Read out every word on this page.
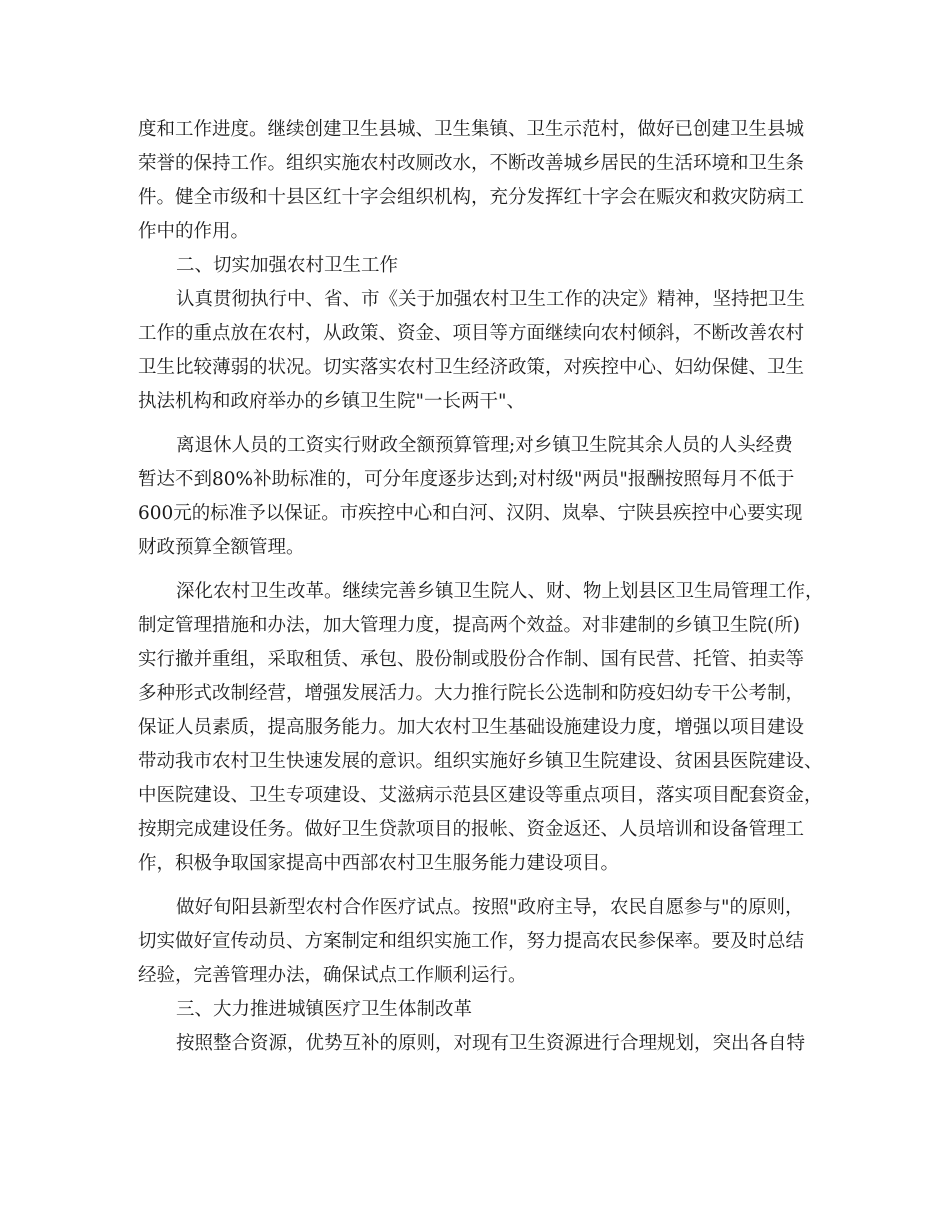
度和工作进度。继续创建卫生县城、卫生集镇、卫生示范村，做好已创建卫生县城
荣誉的保持工作。组织实施农村改厕改水，不断改善城乡居民的生活环境和卫生条
件。健全市级和十县区红十字会组织机构，充分发挥红十字会在赈灾和救灾防病工
作中的作用。
二、切实加强农村卫生工作
认真贯彻执行中、省、市《关于加强农村卫生工作的决定》精神，坚持把卫生
工作的重点放在农村，从政策、资金、项目等方面继续向农村倾斜，不断改善农村
卫生比较薄弱的状况。切实落实农村卫生经济政策，对疾控中心、妇幼保健、卫生
执法机构和政府举办的乡镇卫生院"一长两干"、
离退休人员的工资实行财政全额预算管理;对乡镇卫生院其余人员的人头经费
暂达不到80%补助标准的，可分年度逐步达到;对村级"两员"报酬按照每月不低于
600元的标准予以保证。市疾控中心和白河、汉阴、岚皋、宁陕县疾控中心要实现
财政预算全额管理。
深化农村卫生改革。继续完善乡镇卫生院人、财、物上划县区卫生局管理工作，
制定管理措施和办法，加大管理力度，提高两个效益。对非建制的乡镇卫生院(所)
实行撤并重组，采取租赁、承包、股份制或股份合作制、国有民营、托管、拍卖等
多种形式改制经营，增强发展活力。大力推行院长公选制和防疫妇幼专干公考制，
保证人员素质，提高服务能力。加大农村卫生基础设施建设力度，增强以项目建设
带动我市农村卫生快速发展的意识。组织实施好乡镇卫生院建设、贫困县医院建设、
中医院建设、卫生专项建设、艾滋病示范县区建设等重点项目，落实项目配套资金，
按期完成建设任务。做好卫生贷款项目的报帐、资金返还、人员培训和设备管理工
作，积极争取国家提高中西部农村卫生服务能力建设项目。
做好旬阳县新型农村合作医疗试点。按照"政府主导，农民自愿参与"的原则，
切实做好宣传动员、方案制定和组织实施工作，努力提高农民参保率。要及时总结
经验，完善管理办法，确保试点工作顺利运行。
三、大力推进城镇医疗卫生体制改革
按照整合资源，优势互补的原则，对现有卫生资源进行合理规划，突出各自特
